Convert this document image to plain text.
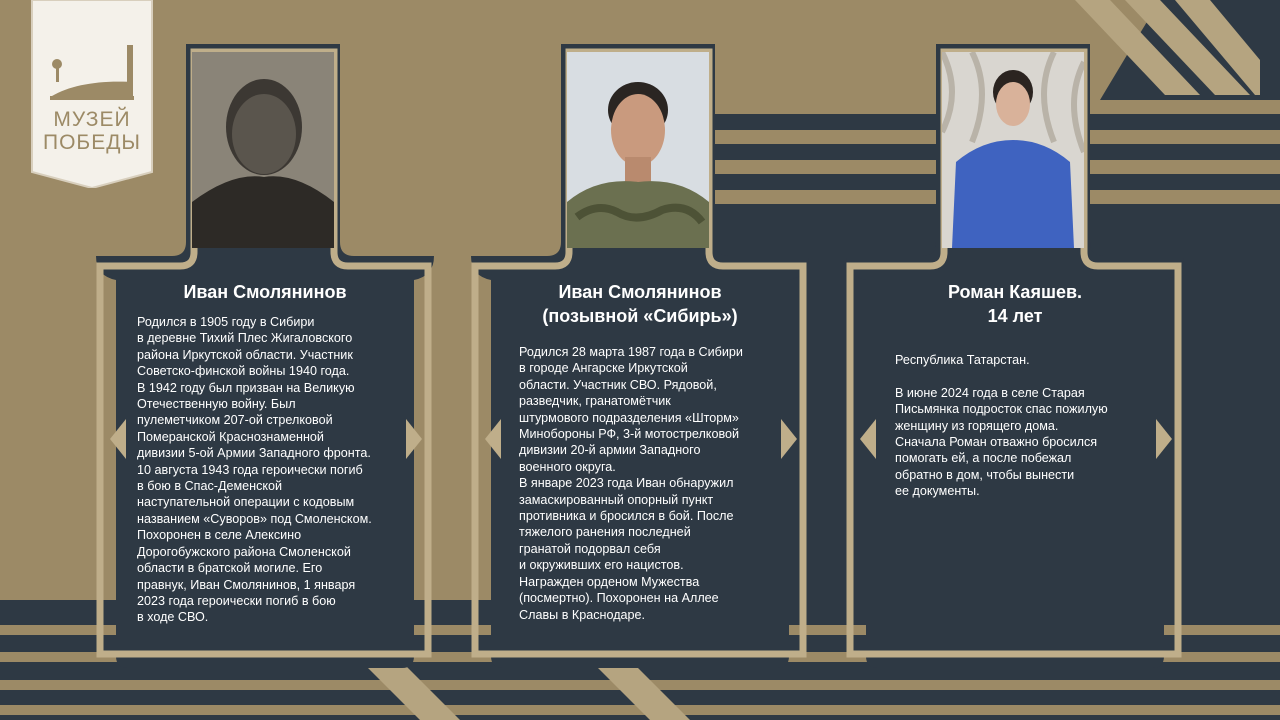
МУЗЕЙ
ПОБЕДЫ
Иван Смолянинов
Родился в 1905 году в Сибири
в деревне Тихий Плес Жигаловского
района Иркутской области. Участник
Советско-финской войны 1940 года.
В 1942 году был призван на Великую
Отечественную войну. Был
пулеметчиком 207-ой стрелковой
Померанской Краснознаменной
дивизии 5-ой Армии Западного фронта.
10 августа 1943 года героически погиб
в бою в Спас-Деменской
наступательной операции с кодовым
названием «Суворов» под Смоленском.
Похоронен в селе Алексино
Дорогобужского района Смоленской
области в братской могиле. Его
правнук, Иван Смолянинов, 1 января
2023 года героически погиб в бою
в ходе СВО.
Иван Смолянинов
(позывной «Сибирь»)
Родился 28 марта 1987 года в Сибири
в городе Ангарске Иркутской
области. Участник СВО. Рядовой,
разведчик, гранатомётчик
штурмового подразделения «Шторм»
Минобороны РФ, 3-й мотострелковой
дивизии 20-й армии Западного
военного округа.
В январе 2023 года Иван обнаружил
замаскированный опорный пункт
противника и бросился в бой. После
тяжелого ранения последней
гранатой подорвал себя
и окруживших его нацистов.
Награжден орденом Мужества
(посмертно). Похоронен на Аллее
Славы в Краснодаре.
Роман Каяшев.
14 лет
Республика Татарстан.

В июне 2024 года в селе Старая
Письмянка подросток спас пожилую
женщину из горящего дома.
Сначала Роман отважно бросился
помогать ей, а после побежал
обратно в дом, чтобы вынести
ее документы.
